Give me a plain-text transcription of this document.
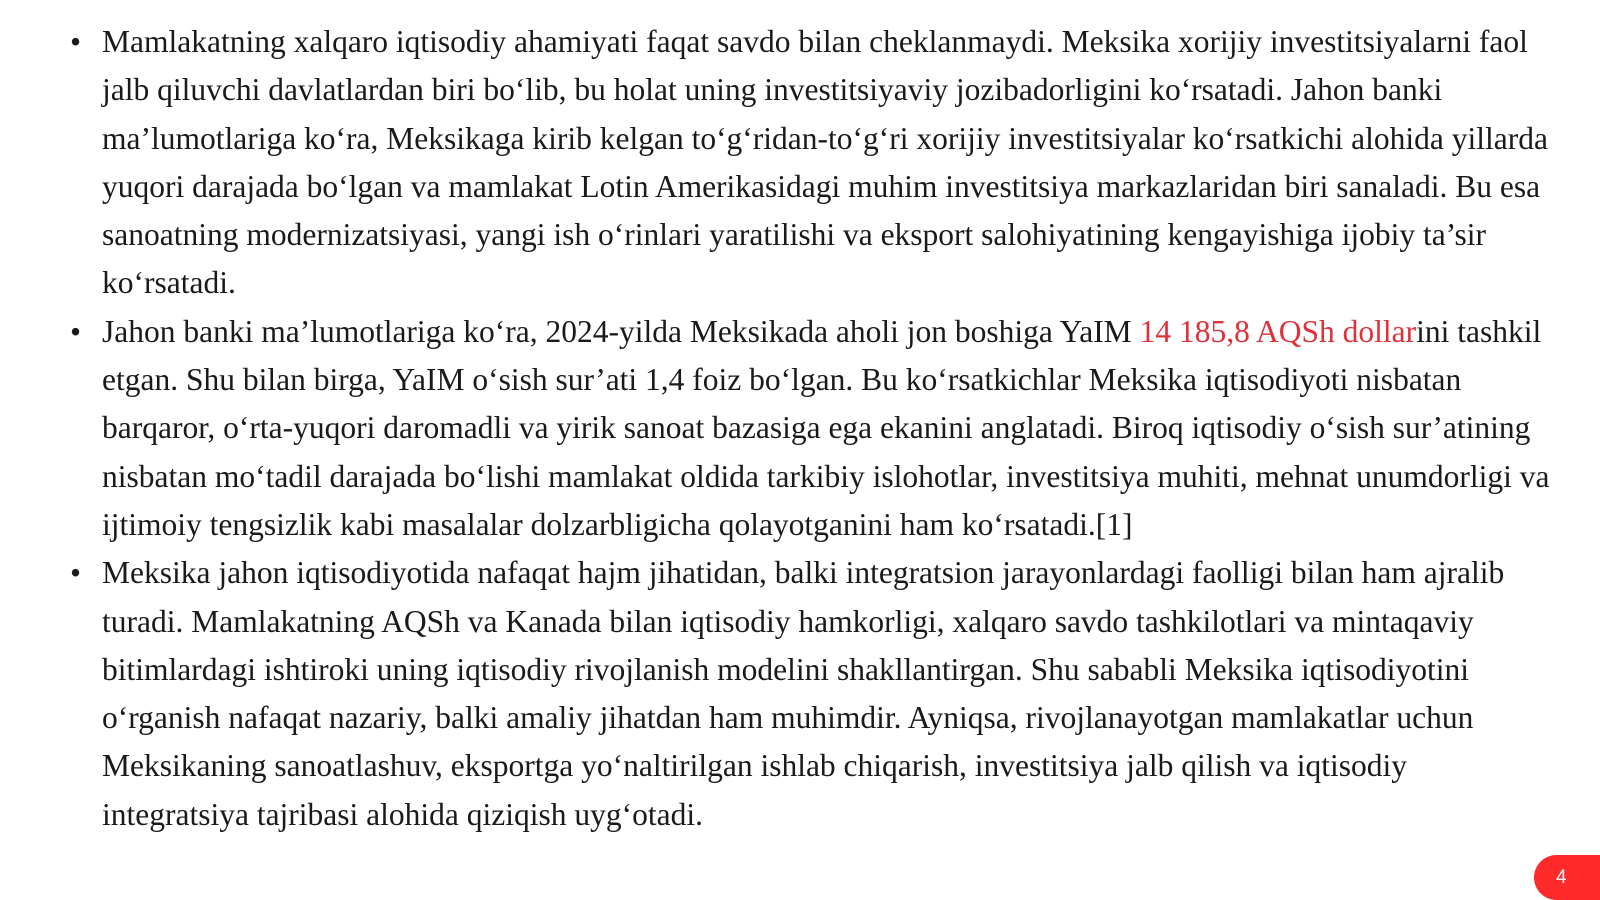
• Mamlakatning xalqaro iqtisodiy ahamiyati faqat savdo bilan cheklanmaydi. Meksika xorijiy investitsiyalarni faol jalb qiluvchi davlatlardan biri bo‘lib, bu holat uning investitsiyaviy jozibadorligini ko‘rsatadi. Jahon banki ma’lumotlariga ko‘ra, Meksikaga kirib kelgan to‘g‘ridan-to‘g‘ri xorijiy investitsiyalar ko‘rsatkichi alohida yillarda yuqori darajada bo‘lgan va mamlakat Lotin Amerikasidagi muhim investitsiya markazlaridan biri sanaladi. Bu esa sanoatning modernizatsiyasi, yangi ish o‘rinlari yaratilishi va eksport salohiyatining kengayishiga ijobiy ta’sir ko‘rsatadi.
• Jahon banki ma’lumotlariga ko‘ra, 2024-yilda Meksikada aholi jon boshiga YaIM 14 185,8 AQSh dollarini tashkil etgan. Shu bilan birga, YaIM o‘sish sur’ati 1,4 foiz bo‘lgan. Bu ko‘rsatkichlar Meksika iqtisodiyoti nisbatan barqaror, o‘rta-yuqori daromadli va yirik sanoat bazasiga ega ekanini anglatadi. Biroq iqtisodiy o‘sish sur’atining nisbatan mo‘tadil darajada bo‘lishi mamlakat oldida tarkibiy islohotlar, investitsiya muhiti, mehnat unumdorligi va ijtimoiy tengsizlik kabi masalalar dolzarbligicha qolayotganini ham ko‘rsatadi.[1]
• Meksika jahon iqtisodiyotida nafaqat hajm jihatidan, balki integratsion jarayonlardagi faolligi bilan ham ajralib turadi. Mamlakatning AQSh va Kanada bilan iqtisodiy hamkorligi, xalqaro savdo tashkilotlari va mintaqaviy bitimlardagi ishtiroki uning iqtisodiy rivojlanish modelini shakllantirgan. Shu sababli Meksika iqtisodiyotini o‘rganish nafaqat nazariy, balki amaliy jihatdan ham muhimdir. Ayniqsa, rivojlanayotgan mamlakatlar uchun Meksikaning sanoatlashuv, eksportga yo‘naltirilgan ishlab chiqarish, investitsiya jalb qilish va iqtisodiy integratsiya tajribasi alohida qiziqish uyg‘otadi.
4
